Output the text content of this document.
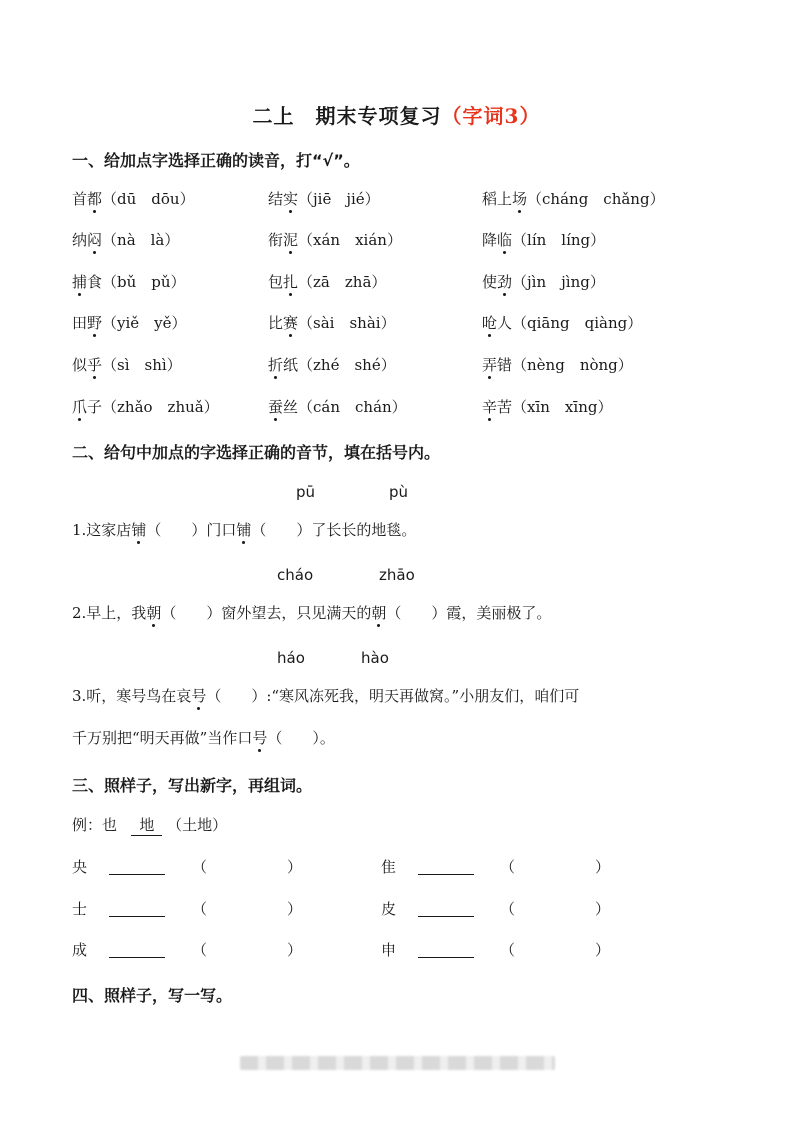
二上　期末专项复习（字词3）
一、给加点字选择正确的读音，打“√”。
首都（dū　dōu）	结实（jiē　jié）	稻上场（cháng　chǎng）
纳闷（nà　là）	衔泥（xán　xián）	降临（lín　líng）
捕食（bǔ　pǔ）	包扎（zā　zhā）	使劲（jìn　jìng）
田野（yiě　yě）	比赛（sài　shài）	呛人（qiāng　qiàng）
似乎（sì　shì）	折纸（zhé　shé）	弄错（nèng　nòng）
爪子（zhǎo　zhuǎ）	蚕丝（cán　chán）	辛苦（xīn　xīng）
二、给句中加点的字选择正确的音节，填在括号内。
pū	pù
1.这家店铺（　　）门口铺（　　）了长长的地毯。
cháo	zhāo
2.早上，我朝（　　）窗外望去，只见满天的朝（　　）霞，美丽极了。
háo	hào
3.听，寒号鸟在哀号（　　）:“寒风冻死我，明天再做窝。”小朋友们，咱们可
千万别把“明天再做”当作口号（　　）。
三、照样子，写出新字，再组词。
例：也 地 （土地）
央	（	）	隹	（	）
士	（	）	皮	（	）
成	（	）	申	（	）
四、照样子，写一写。
